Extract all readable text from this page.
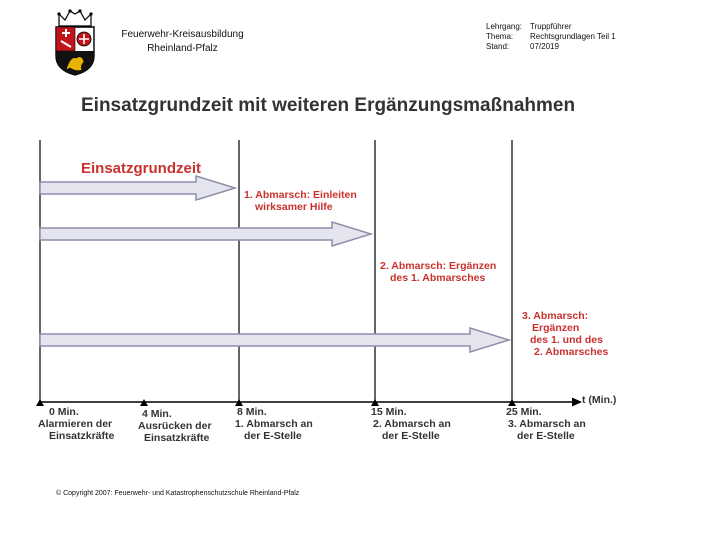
Feuerwehr-Kreisausbildung
Rheinland-Pfalz
Lehrgang: Truppführer
Thema: Rechtsgrundlagen Teil 1
Stand:	07/2019
Einsatzgrundzeit mit weiteren Ergänzungsmaßnahmen
Einsatzgrundzeit
1. Abmarsch: Einleiten
wirksamer Hilfe
2. Abmarsch: Ergänzen
des 1. Abmarsches
3. Abmarsch:
Ergänzen
des 1. und des
2. Abmarsches
t (Min.)
0 Min.
Alarmieren der
Einsatzkräfte
4 Min.
Ausrücken der
Einsatzkräfte
8 Min.
1. Abmarsch an
der E-Stelle
15 Min.
2. Abmarsch an
der E-Stelle
25 Min.
3. Abmarsch an
der E-Stelle
© Copyright 2007: Feuerwehr- und Katastrophenschutzschule Rheinland-Pfalz
